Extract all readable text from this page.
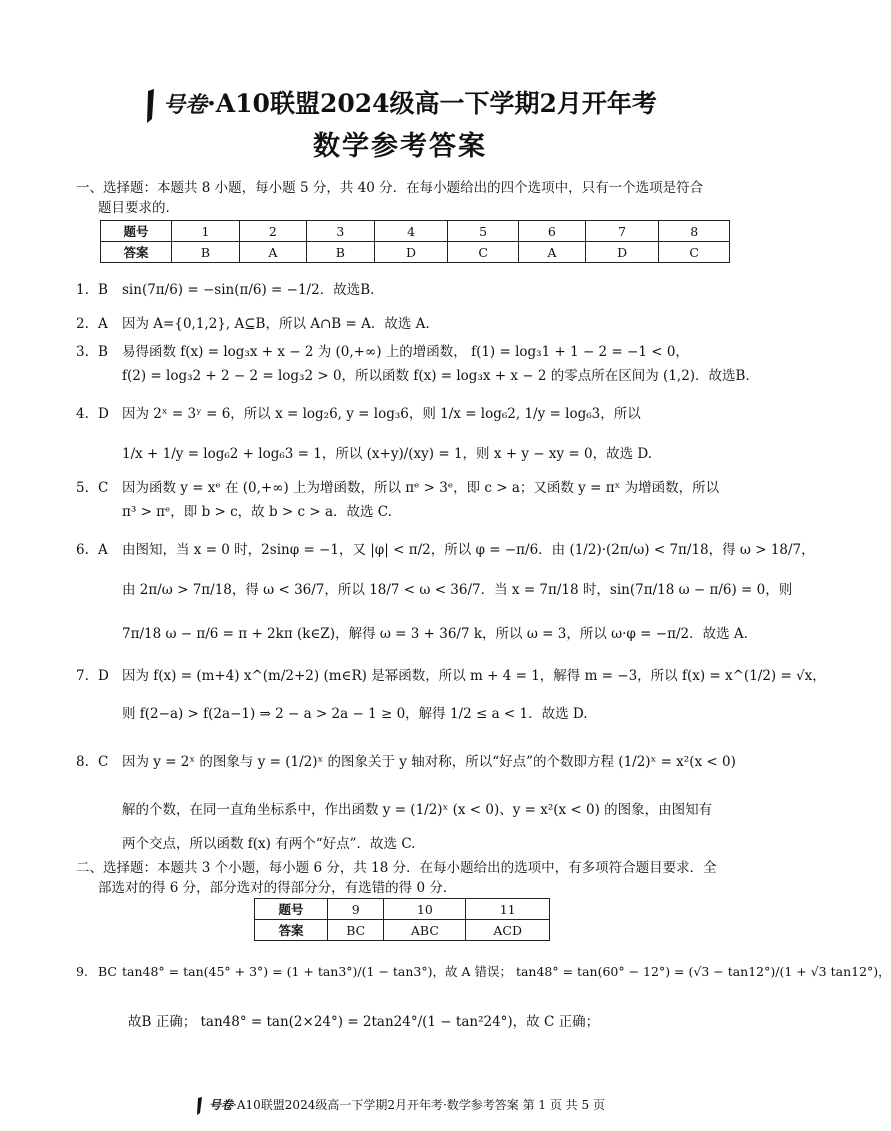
号卷·A10联盟2024级高一下学期2月开年考
数学参考答案
一、选择题：本题共 8 小题，每小题 5 分，共 40 分．在每小题给出的四个选项中，只有一个选项是符合
题目要求的．
题号	1	2	3	4	5	6	7	8
答案	B	A	B	D	C	A	D	C
1. B sin(7π/6) = −sin(π/6) = −1/2．故选B．
2. A 因为 A={0,1,2}, A⊆B，所以 A∩B = A．故选 A.
3. B 易得函数 f(x) = log₃x + x − 2 为 (0,+∞) 上的增函数， f(1) = log₃1 + 1 − 2 = −1 < 0，
f(2) = log₃2 + 2 − 2 = log₃2 > 0，所以函数 f(x) = log₃x + x − 2 的零点所在区间为 (1,2)．故选B．
4. D 因为 2ˣ = 3ʸ = 6，所以 x = log₂6, y = log₃6，则 1/x = log₆2, 1/y = log₆3，所以
1/x + 1/y = log₆2 + log₆3 = 1，所以 (x+y)/(xy) = 1，则 x + y − xy = 0，故选 D.
5. C 因为函数 y = xᵉ 在 (0,+∞) 上为增函数，所以 πᵉ > 3ᵉ，即 c > a；又函数 y = πˣ 为增函数，所以
π³ > πᵉ，即 b > c，故 b > c > a．故选 C.
6. A 由图知，当 x = 0 时，2sinφ = −1，又 |φ| < π/2，所以 φ = −π/6．由 (1/2)·(2π/ω) < 7π/18，得 ω > 18/7，
由 2π/ω > 7π/18，得 ω < 36/7，所以 18/7 < ω < 36/7．当 x = 7π/18 时，sin(7π/18 ω − π/6) = 0，则
7π/18 ω − π/6 = π + 2kπ (k∈Z)，解得 ω = 3 + 36/7 k，所以 ω = 3，所以 ω·φ = −π/2．故选 A.
7. D 因为 f(x) = (m+4) x^(m/2+2) (m∈R) 是幂函数，所以 m + 4 = 1，解得 m = −3，所以 f(x) = x^(1/2) = √x，
则 f(2−a) > f(2a−1) ⇒ 2 − a > 2a − 1 ≥ 0，解得 1/2 ≤ a < 1．故选 D.
8. C 因为 y = 2ˣ 的图象与 y = (1/2)ˣ 的图象关于 y 轴对称，所以“好点”的个数即方程 (1/2)ˣ = x²(x < 0)
解的个数，在同一直角坐标系中，作出函数 y = (1/2)ˣ (x < 0)、y = x²(x < 0) 的图象，由图知有
两个交点，所以函数 f(x) 有两个“好点”．故选 C.
二、选择题：本题共 3 个小题，每小题 6 分，共 18 分．在每小题给出的选项中，有多项符合题目要求．全
部选对的得 6 分，部分选对的得部分分，有选错的得 0 分．
题号	9	10	11
答案	BC	ABC	ACD
9. BC tan48° = tan(45° + 3°) = (1 + tan3°)/(1 − tan3°)，故 A 错误； tan48° = tan(60° − 12°) = (√3 − tan12°)/(1 + √3 tan12°)，
故B 正确； tan48° = tan(2×24°) = 2tan24°/(1 − tan²24°)，故 C 正确；
号卷·A10联盟2024级高一下学期2月开年考·数学参考答案 第 1 页 共 5 页
